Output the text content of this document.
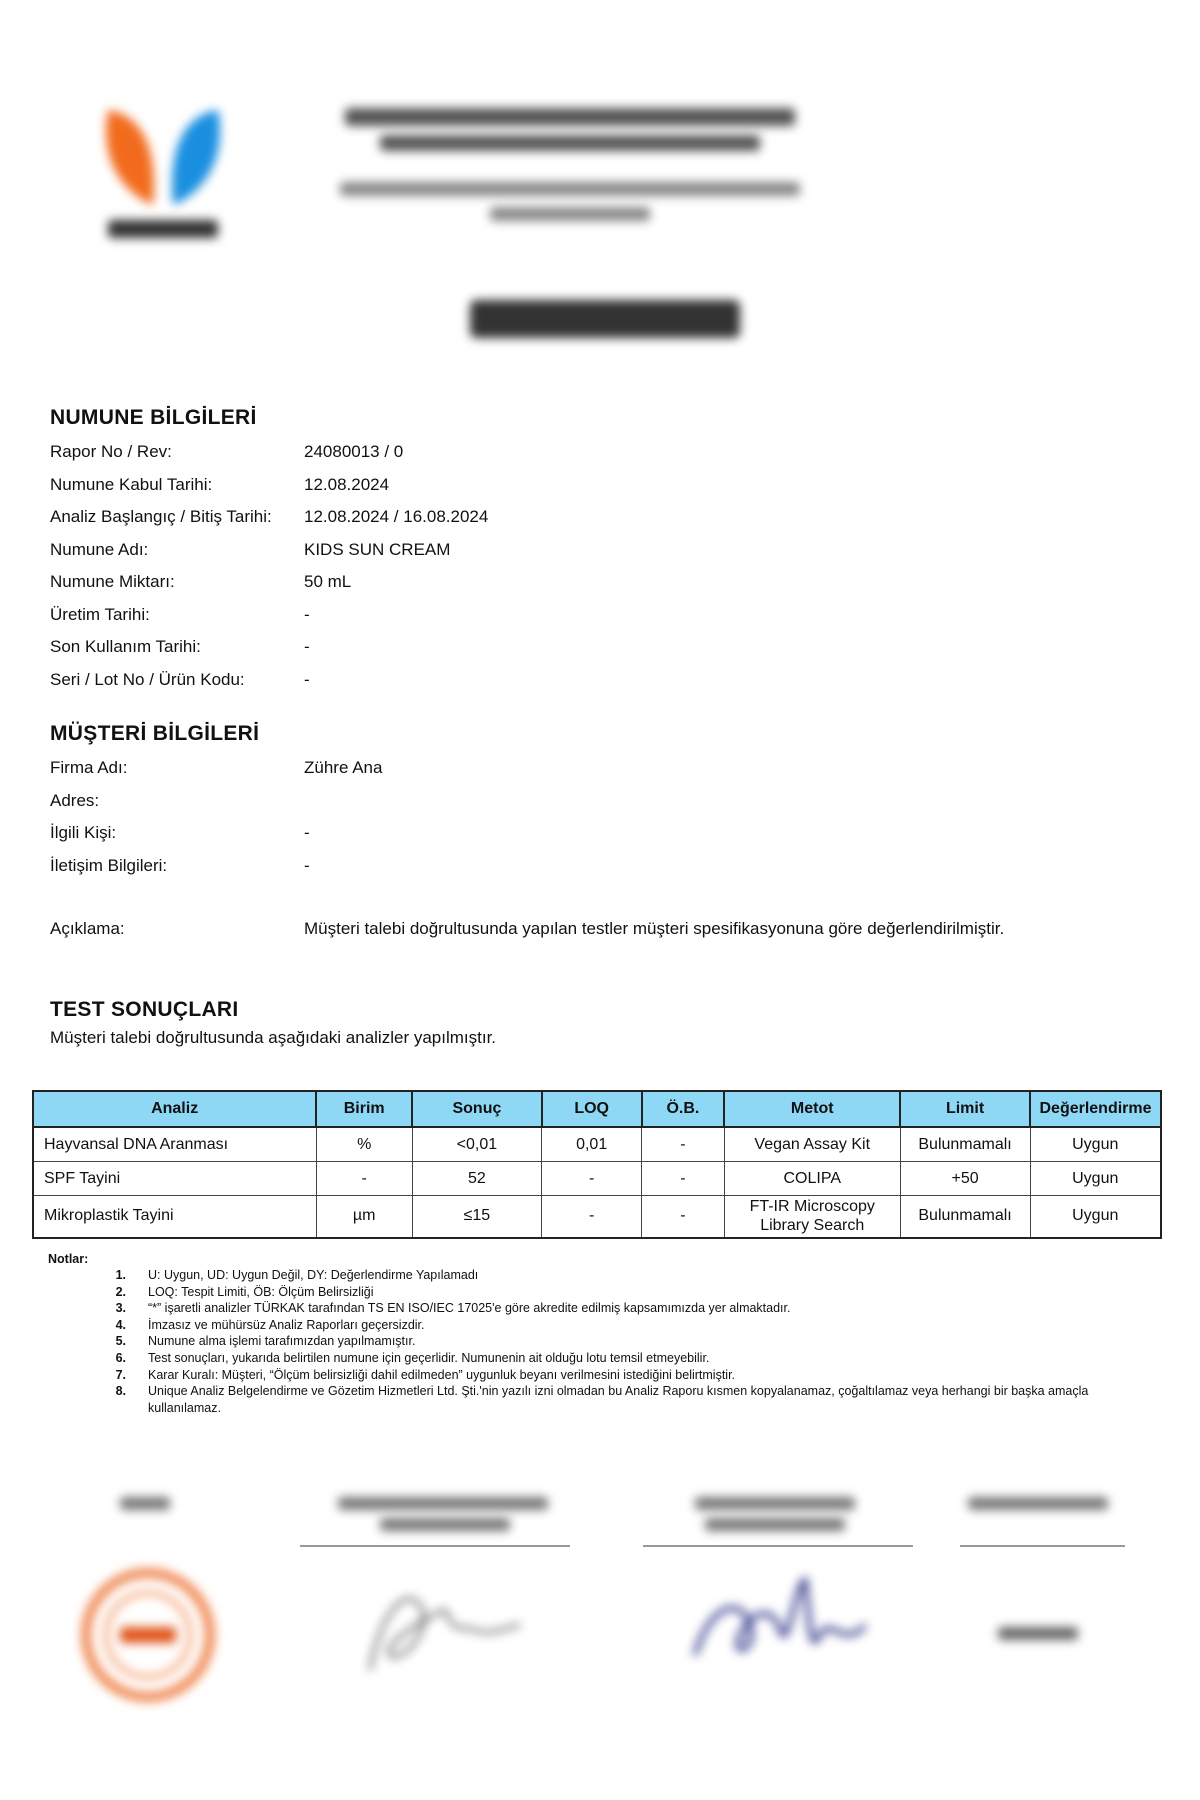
NUMUNE BİLGİLERİ
Rapor No / Rev:	24080013 / 0
Numune Kabul Tarihi:	12.08.2024
Analiz Başlangıç / Bitiş Tarihi:	12.08.2024 / 16.08.2024
Numune Adı:	KIDS SUN CREAM
Numune Miktarı:	50 mL
Üretim Tarihi:	-
Son Kullanım Tarihi:	-
Seri / Lot No / Ürün Kodu:	-
MÜŞTERİ BİLGİLERİ
Firma Adı:	Zühre Ana
Adres:
İlgili Kişi:	-
İletişim Bilgileri:	-
Açıklama:	Müşteri talebi doğrultusunda yapılan testler müşteri spesifikasyonuna göre değerlendirilmiştir.
TEST SONUÇLARI
Müşteri talebi doğrultusunda aşağıdaki analizler yapılmıştır.
Analiz	Birim	Sonuç	LOQ	Ö.B.	Metot	Limit	Değerlendirme
Hayvansal DNA Aranması	%	<0,01	0,01	-	Vegan Assay Kit	Bulunmamalı	Uygun
SPF Tayini	-	52	-	-	COLIPA	+50	Uygun
Mikroplastik Tayini	µm	≤15	-	-	FT-IR Microscopy Library Search	Bulunmamalı	Uygun
Notlar:
1.	U: Uygun, UD: Uygun Değil, DY: Değerlendirme Yapılamadı
2.	LOQ: Tespit Limiti, ÖB: Ölçüm Belirsizliği
3.	“*” işaretli analizler TÜRKAK tarafından TS EN ISO/IEC 17025'e göre akredite edilmiş kapsamımızda yer almaktadır.
4.	İmzasız ve mühürsüz Analiz Raporları geçersizdir.
5.	Numune alma işlemi tarafımızdan yapılmamıştır.
6.	Test sonuçları, yukarıda belirtilen numune için geçerlidir. Numunenin ait olduğu lotu temsil etmeyebilir.
7.	Karar Kuralı: Müşteri, “Ölçüm belirsizliği dahil edilmeden” uygunluk beyanı verilmesini istediğini belirtmiştir.
8.	Unique Analiz Belgelendirme ve Gözetim Hizmetleri Ltd. Şti.'nin yazılı izni olmadan bu Analiz Raporu kısmen kopyalanamaz, çoğaltılamaz veya herhangi bir başka amaçla kullanılamaz.
